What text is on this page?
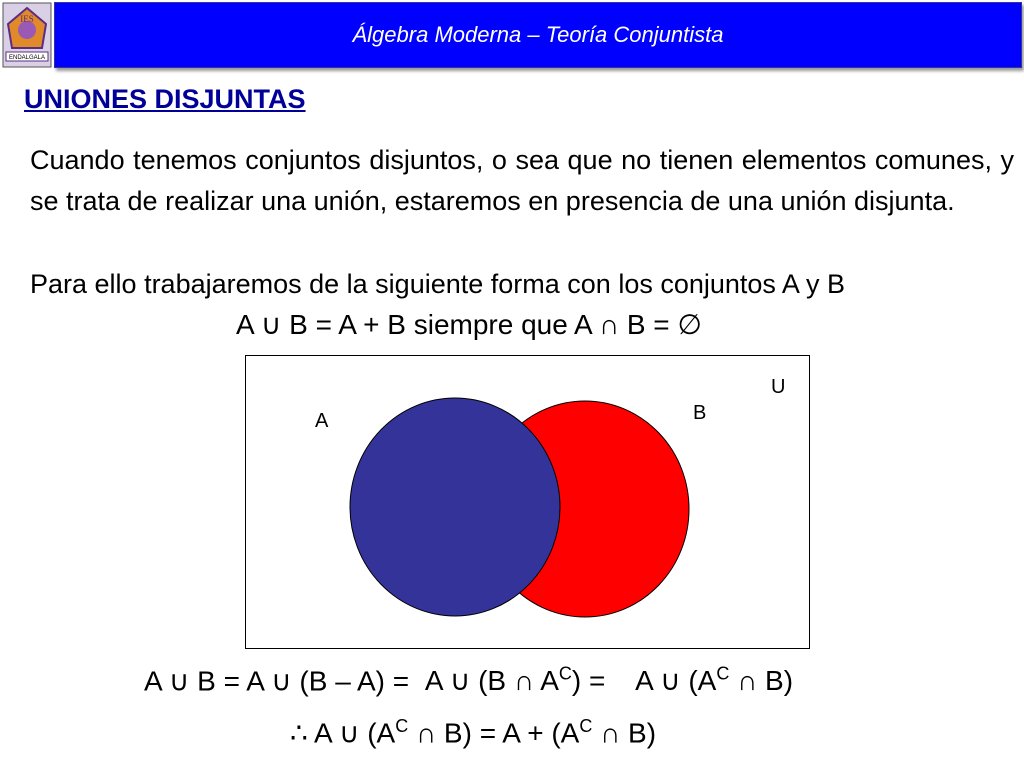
IES
ENDALGALA
Álgebra Moderna – Teoría Conjuntista
UNIONES DISJUNTAS
Cuando tenemos conjuntos disjuntos, o sea que no tienen elementos comunes, y se trata de realizar una unión, estaremos en presencia de una unión disjunta.
Para ello trabajaremos de la siguiente forma con los conjuntos A y B
A ∪ B = A + B siempre que A ∩ B = ∅
U
B
A
A ∪ B = A ∪ (B – A) = A ∪ (B ∩ $A^C) = A$ ∪ ($A^C$ ∩ B)
∴ A ∪ ($A^C$ ∩ $B) = A + (A^C$ ∩ B)
